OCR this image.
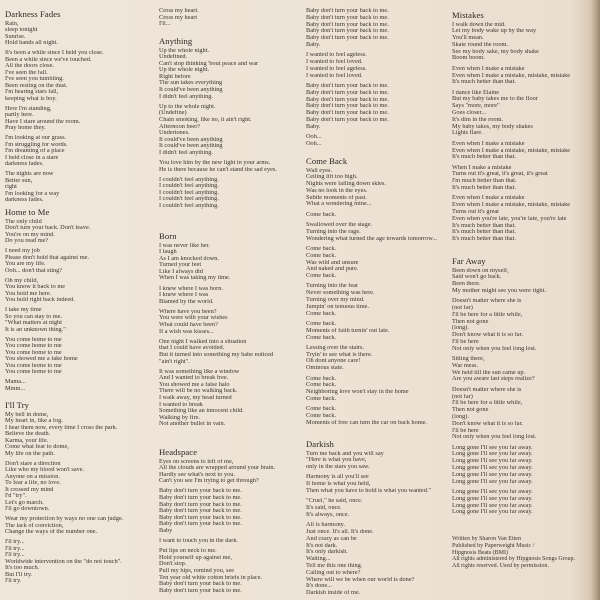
Darkness Fades
Rain,
sleep tonight
Sunrise.
Hold hands all night.
It's been a while since I held you close.
Been a while since we've touched.
All the doors close.
I've seen the fall.
I've seen you tumbling.
Been resting on the dust.
I'm hearing stars fall,
keeping what is boy.
Here I'm standing,
partly here.
Have I stare around the room.
Pray home they.
I'm looking at our grass.
I'm struggling for words.
I'm dreaming of a place
I held close in a stare
darkness fades.
The nights are now
Better sun,
right
I'm looking for a way
darkness fades.
Home to Me
The only child
Don't turn your back. Don't leave.
You're on my mind.
Do you read me?
I need my job
Please don't hold that against me.
You are my life.
Ooh... don't that sting?
Oh my child,
You know it back to me
You hold me here.
You hold right back indeed.
I take my time
So you can stay to me.
"What matters at night
It is an unknown thing."
You come home to me
You come home to me
You come home to me
You showed me a fake home
You come home to me
You come home to me
Mama...
Mmm...
I'll Try
My bell in dome,
My heart in, like a fog.
I hear them now, every time I cross the park.
Believe the death.
Karma, your life.
Come what fear to dome,
My life on the path.
Don't stare a direction
Like who my blood won't save.
Anyone on a mission.
To fear a life, no love.
It crossed my mind
I'd "try".
Let's go march.
I'll go downtown.
Wear my protection by ways no one can judge.
The lack of conviction,
Change the ways of the number one.
I'll try...
I'll try...
I'll try...
Worldwide intervention on the "do not touch".
It's too much.
But I'll try.
I'll try.
Cross my heart.
Cross my heart
I'll...
Anything
Up the whole night.
Undefined.
Can't stop thinking 'bout peace and war
Up the whole night.
Right before
The sun takes everything
It could've been anything
I didn't feel anything.
Up to the whole night.
(Undefine)
Chain smoking, like no, it ain't right.
Afternoon beer?
Undertones.
It could've been anything
It could've been anything
I didn't feel anything.
You love him by the new light in your arms.
He is there because he can't stand the sad eyes.
I couldn't feel anything.
I couldn't feel anything.
I couldn't feel anything.
I couldn't feel anything.
I couldn't feel anything.
Born
I was never like her.
I laugh
As I am knocked down.
Turned your feet
Like I always did
When I was taking my time.
I knew where I was born.
I knew where I was
Blamed by the world.
Where have you been?
You were with your wishes
What could have been?
If a wish was kisses...
One night I walked into a situation
that I could have avoided.
But it turned into something my babe noticed
"ain't right".
It was something like a window
And I wanted to break free.
You showed me a false halo
There will be no walking back.
I walk away, my head turned
I wanted to break
Something like an innocent child.
Walking by fire.
Not another bullet in vain.
Headspace
Eyes on screens to left of me,
All the clouds are wrapped around your brain.
Hardly see what's next to you.
Can't you see I'm trying to get through?
Baby don't turn your back to me.
Baby don't turn your back to me.
Baby don't turn your back to me.
Baby don't turn your back to me.
Baby don't turn your back to me.
Baby don't turn your back to me.
Baby
I want to touch you in the dark.
Put lips on neck to me.
Hold yourself up against me,
Don't stop.
Pull my hips, remind you, see
Ten year old white cotton briefs in place.
Baby don't turn your back to me.
Baby don't turn your back to me.
Baby don't turn your back to me.
Baby don't turn your back to me.
Baby don't turn your back to me.
Baby don't turn your back to me.
Baby don't turn your back to me.
Baby.
I wanted to feel ageless.
I wanted to feel loved.
I wanted to feel ageless.
I wanted to feel loved.
Baby don't turn your back to me.
Baby don't turn your back to me.
Baby don't turn your back to me.
Baby don't turn your back to me.
Baby don't turn your back to me.
Baby don't turn your back to me.
Baby.
Ooh...
Ooh...
Come Back
Wall eyes.
Ceiling lift too high.
Nights were falling down skies.
Was no look in the eyes.
Subtle moments of past.
What a wondering mine...
Come back.
Swallowed over the stage.
Turning into the rage.
Wondering what turned the age towards tomorrow...
Come back.
Come back.
Was wild and unsure
And naked and pure.
Come back.
Turning into the fear
Never something was here.
Turning over my mind.
Jumpin' on tenuous time.
Come back.
Come back.
Moments of faith turnin' out late.
Come back.
Lessing over the stairs.
Tryin' to see what is there.
Oh dont anyone care!
Ominous state.
Come back.
Come back.
Neighboring love won't stay in the home
Come back.
Come back.
Come back.
Moments of free can turn the car on back home.
Darkish
Turn me back and you will say
"Here is what you have,
only in the stars you saw.
Harmony is all you'll see
If home is what you held,
Then what you have to hold is what you wanted."
"Cruel," he said, once.
It's said, once.
It's always, once.
All is harmony.
Just once. It's all. It's done.
And crazy as can be
It's not dark.
It's only darkish.
Waiting...
Tell me this one thing.
Calling out to where?
Where will we be when our world is done?
It's done...
Darkish inside of me.
Mistakes
I walk down the mid.
Let my body wake up by the way
You'll mean.
Skate round the room.
See my body sake, my body shake
Boom boom.
Even when I make a mistake
Even when I make a mistake, mistake, mistake
It's much better than that.
I dance like Elaine
But my baby takes me to the floor
Says "more, more"
Goes closer...
It's dim in the room.
My baby takes, my body shakes
Lights flare.
Even when I make a mistake
Even when I make a mistake, mistake, mistake
It's much better than that.
When I make a mistake
Turns out it's great, it's great, it's great
I'm much better than that.
It's much better than that.
Even when I make a mistake
Even when I make a mistake, mistake, mistake
Turns out it's great
Even when you're late, you're late, you're late
It's much better than that.
It's much better than that.
It's much better than that.
Far Away
Been down on myself,
Said won't go back.
Been there.
My mother might see you were right.
Doesn't matter where she is
(not far)
I'll be here for a little while,
Then not gone
(long).
Don't know what it is so far.
I'll be here
Not only when you feel long lost.
Sitting there,
War mess.
We held till the sun came up.
Are you aware last steps realize?
Doesn't matter where she is
(not far)
I'll be here for a little while,
Then not gone
(long).
Don't know what it is so far.
I'll be here
Not only when you feel long lost.
Long gone I'll see you far away.
Long gone I'll see you far away.
Long gone I'll see you far away.
Long gone I'll see you far away.
Long gone I'll see you far away.
Long gone I'll see you far away.
Long gone I'll see you far away.
Long gone I'll see you far away.
Long gone I'll see you far away.
Long gone I'll see you far away.
Written by Sharon Van Etten
Published by Paperweight Music /
Hipgnosis Beats (BMI)
All rights administered by Hipgnosis Songs Group.
All rights reserved. Used by permission.
